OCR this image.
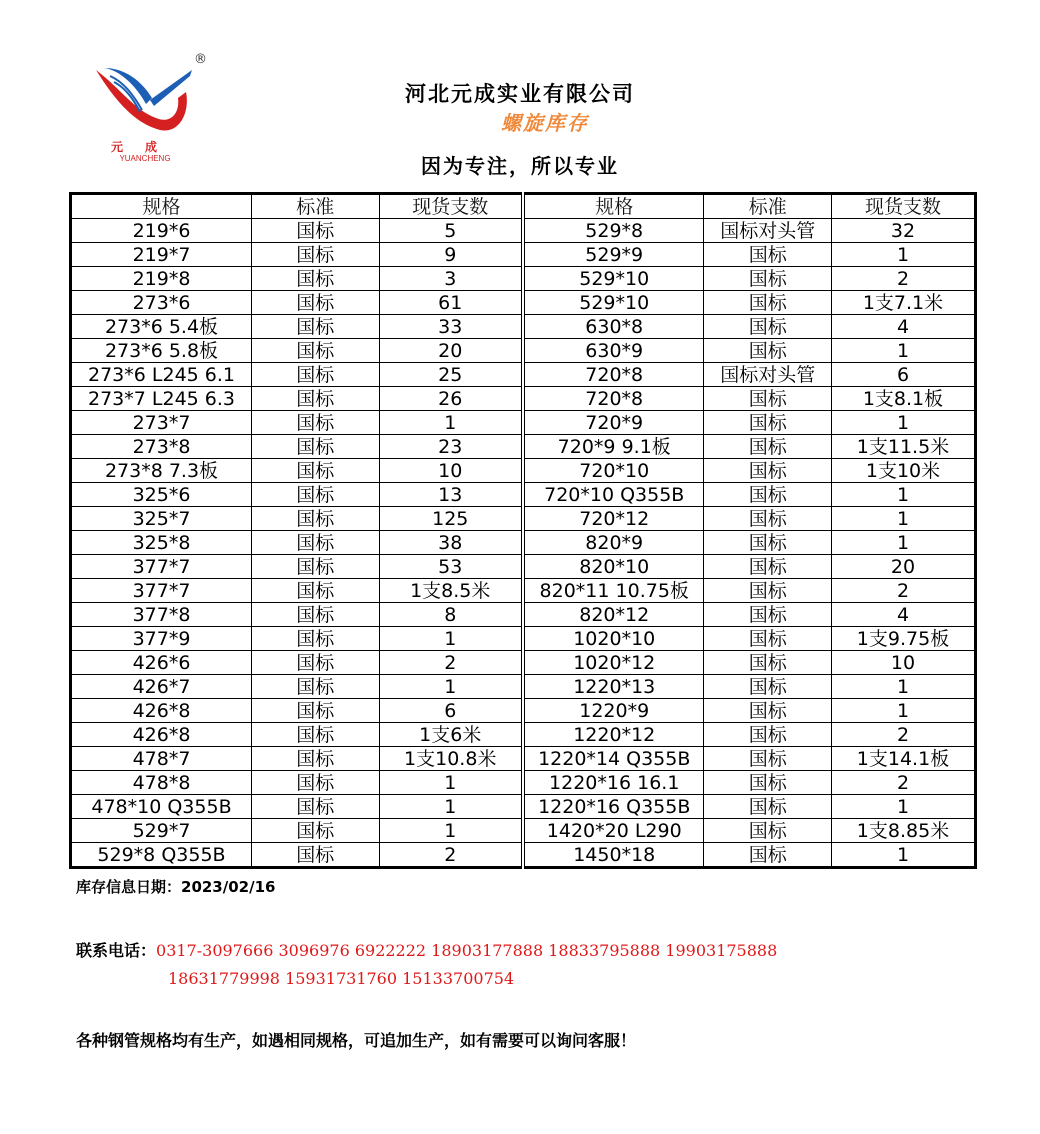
®
元成
YUANCHENG
河北元成实业有限公司
螺旋库存
因为专注，所以专业
规格	标准	现货支数	规格	标准	现货支数
219*6	国标	5	529*8	国标对头管	32
219*7	国标	9	529*9	国标	1
219*8	国标	3	529*10	国标	2
273*6	国标	61	529*10	国标	1支7.1米
273*6 5.4板	国标	33	630*8	国标	4
273*6 5.8板	国标	20	630*9	国标	1
273*6 L245 6.1	国标	25	720*8	国标对头管	6
273*7 L245 6.3	国标	26	720*8	国标	1支8.1板
273*7	国标	1	720*9	国标	1
273*8	国标	23	720*9 9.1板	国标	1支11.5米
273*8 7.3板	国标	10	720*10	国标	1支10米
325*6	国标	13	720*10 Q355B	国标	1
325*7	国标	125	720*12	国标	1
325*8	国标	38	820*9	国标	1
377*7	国标	53	820*10	国标	20
377*7	国标	1支8.5米	820*11 10.75板	国标	2
377*8	国标	8	820*12	国标	4
377*9	国标	1	1020*10	国标	1支9.75板
426*6	国标	2	1020*12	国标	10
426*7	国标	1	1220*13	国标	1
426*8	国标	6	1220*9	国标	1
426*8	国标	1支6米	1220*12	国标	2
478*7	国标	1支10.8米	1220*14 Q355B	国标	1支14.1板
478*8	国标	1	1220*16 16.1	国标	2
478*10 Q355B	国标	1	1220*16 Q355B	国标	1
529*7	国标	1	1420*20 L290	国标	1支8.85米
529*8 Q355B	国标	2	1450*18	国标	1
库存信息日期：2023/02/16
联系电话：0317-3097666 3096976 6922222 18903177888 18833795888 19903175888
18631779998 15931731760 15133700754
各种钢管规格均有生产，如遇相同规格，可追加生产，如有需要可以询问客服！
